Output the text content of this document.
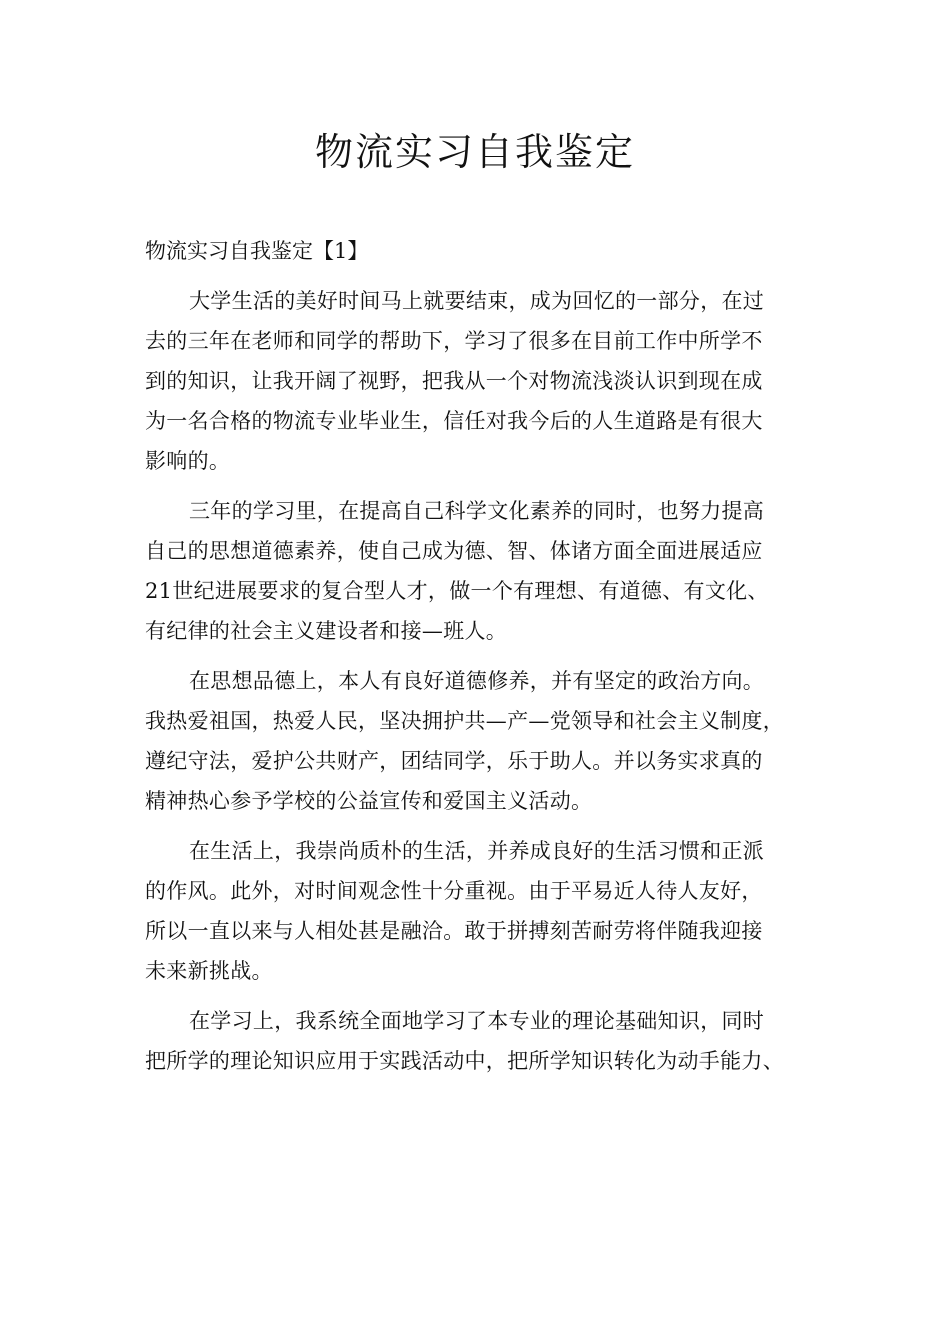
物流实习自我鉴定
物流实习自我鉴定【1】
大学生活的美好时间马上就要结束，成为回忆的一部分，在过
去的三年在老师和同学的帮助下，学习了很多在目前工作中所学不
到的知识，让我开阔了视野，把我从一个对物流浅淡认识到现在成
为一名合格的物流专业毕业生，信任对我今后的人生道路是有很大
影响的。
三年的学习里，在提高自己科学文化素养的同时，也努力提高
自己的思想道德素养，使自己成为德、智、体诸方面全面进展适应
21世纪进展要求的复合型人才，做一个有理想、有道德、有文化、
有纪律的社会主义建设者和接—班人。
在思想品德上，本人有良好道德修养，并有坚定的政治方向。
我热爱祖国，热爱人民，坚决拥护共—产—党领导和社会主义制度，
遵纪守法，爱护公共财产，团结同学，乐于助人。并以务实求真的
精神热心参予学校的公益宣传和爱国主义活动。
在生活上，我崇尚质朴的生活，并养成良好的生活习惯和正派
的作风。此外，对时间观念性十分重视。由于平易近人待人友好，
所以一直以来与人相处甚是融洽。敢于拼搏刻苦耐劳将伴随我迎接
未来新挑战。
在学习上，我系统全面地学习了本专业的理论基础知识，同时
把所学的理论知识应用于实践活动中，把所学知识转化为动手能力、
